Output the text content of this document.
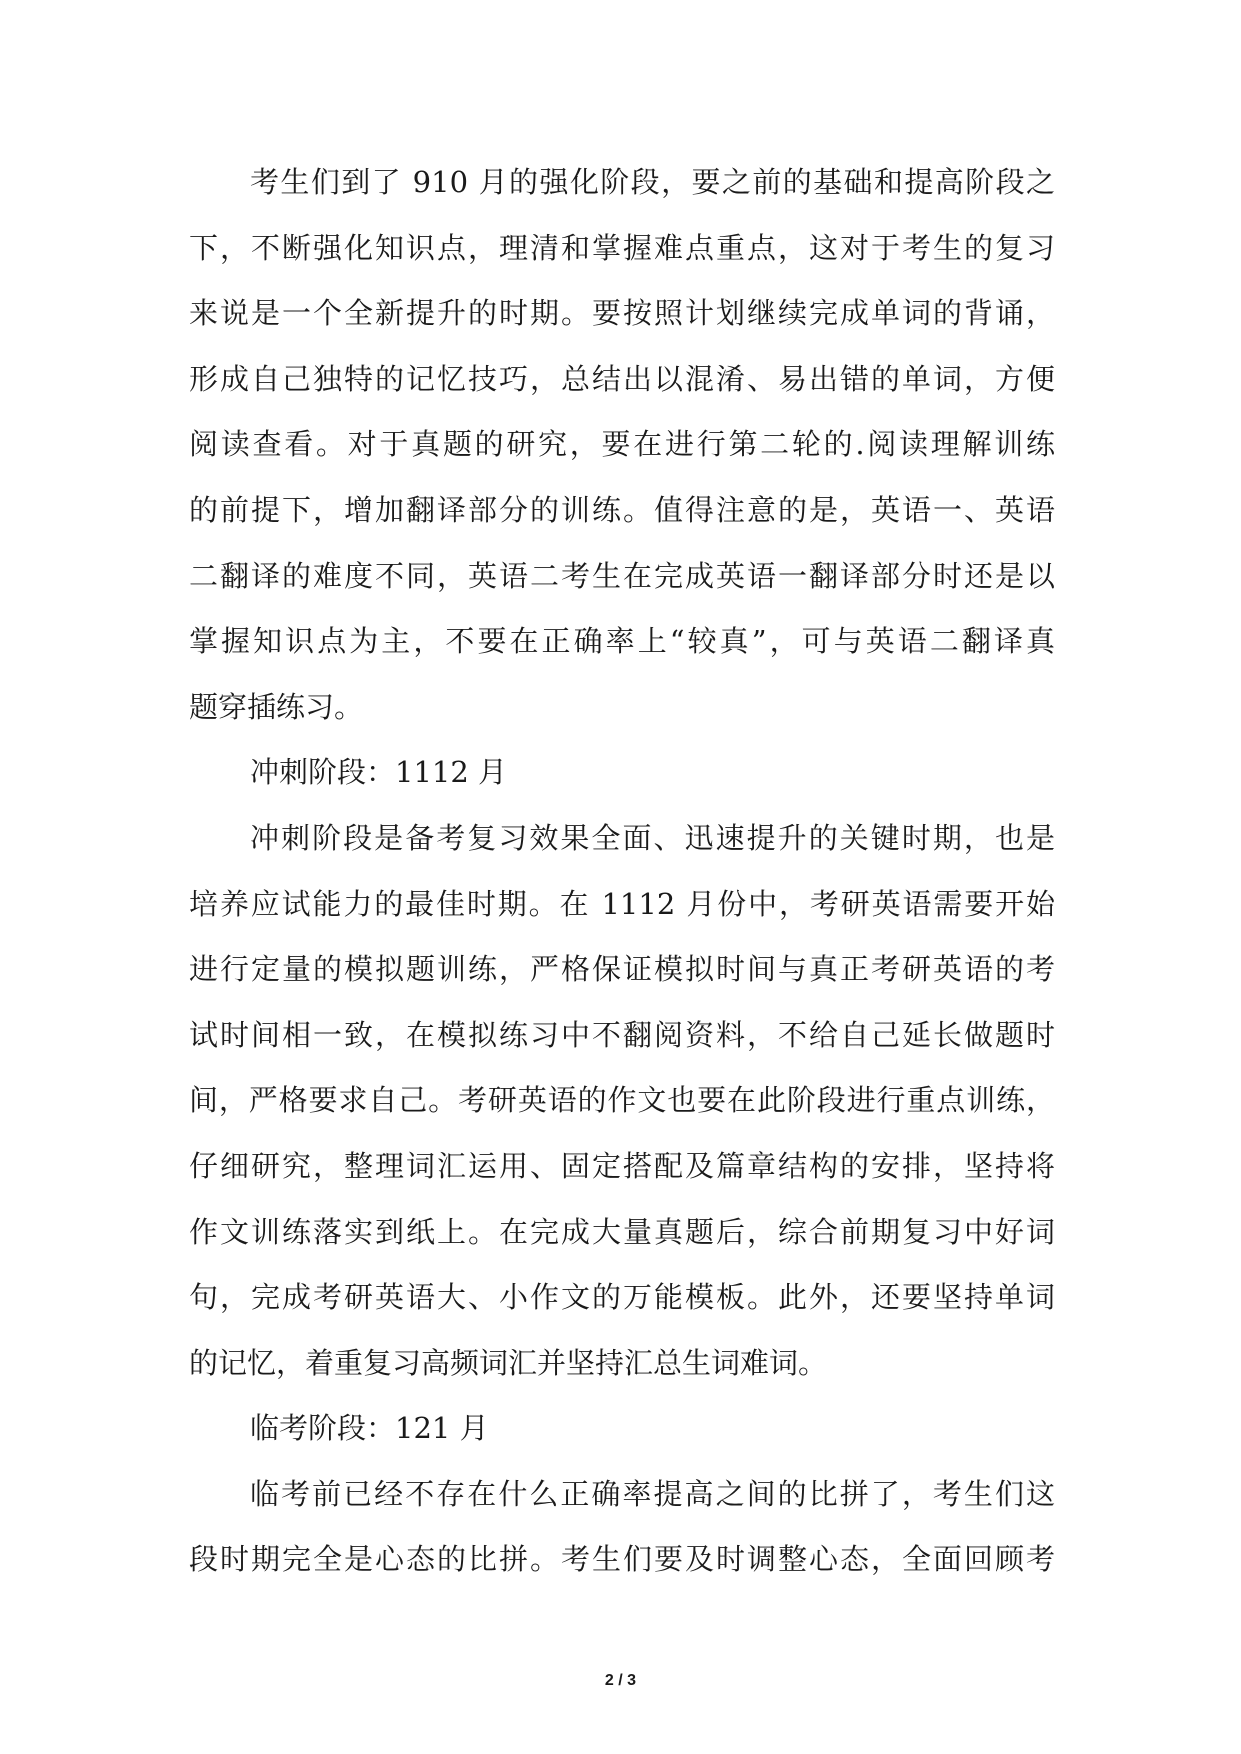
考生们到了 910 月的强化阶段，要之前的基础和提高阶段之
下，不断强化知识点，理清和掌握难点重点，这对于考生的复习
来说是一个全新提升的时期。要按照计划继续完成单词的背诵，
形成自己独特的记忆技巧，总结出以混淆、易出错的单词，方便
阅读查看。对于真题的研究，要在进行第二轮的.阅读理解训练
的前提下，增加翻译部分的训练。值得注意的是，英语一、英语
二翻译的难度不同，英语二考生在完成英语一翻译部分时还是以
掌握知识点为主，不要在正确率上“较真”，可与英语二翻译真
题穿插练习。
冲刺阶段：1112 月
冲刺阶段是备考复习效果全面、迅速提升的关键时期，也是
培养应试能力的最佳时期。在 1112 月份中，考研英语需要开始
进行定量的模拟题训练，严格保证模拟时间与真正考研英语的考
试时间相一致，在模拟练习中不翻阅资料，不给自己延长做题时
间，严格要求自己。考研英语的作文也要在此阶段进行重点训练，
仔细研究，整理词汇运用、固定搭配及篇章结构的安排，坚持将
作文训练落实到纸上。在完成大量真题后，综合前期复习中好词
句，完成考研英语大、小作文的万能模板。此外，还要坚持单词
的记忆，着重复习高频词汇并坚持汇总生词难词。
临考阶段：121 月
临考前已经不存在什么正确率提高之间的比拼了，考生们这
段时期完全是心态的比拼。考生们要及时调整心态，全面回顾考
2 / 3
